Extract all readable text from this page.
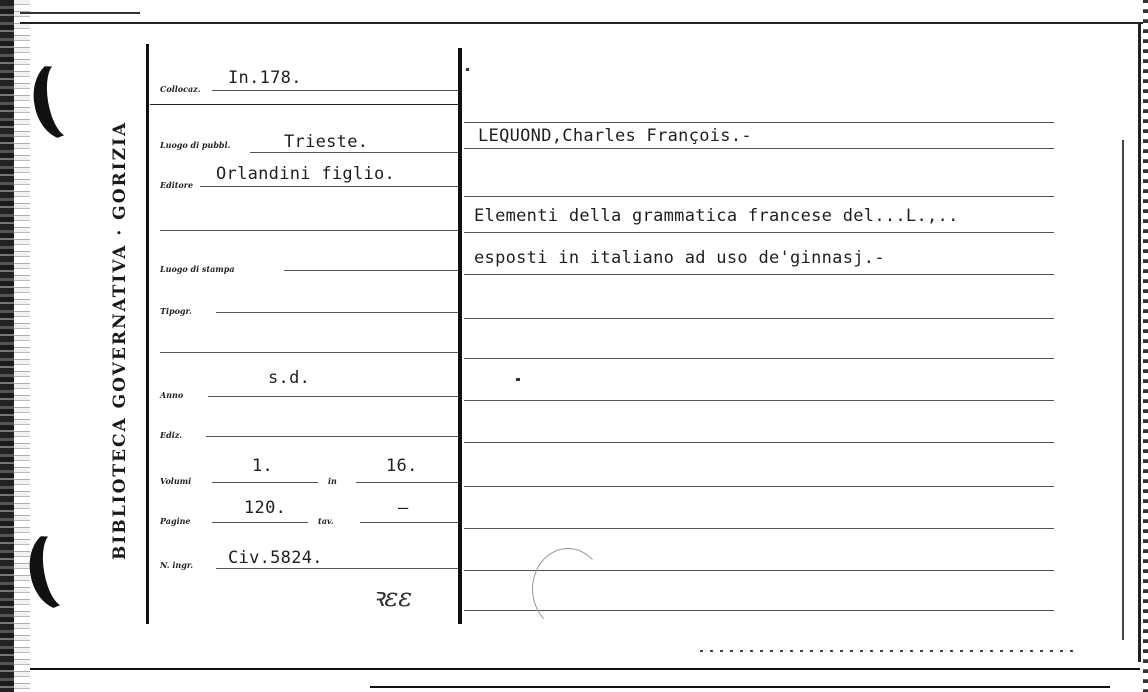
BIBLIOTECA GOVERNATIVA · GORIZIA
Collocaz.
In.178.
Luogo di pubbl.	Trieste.
Editore
Orlandini figlio.
Luogo di stampa
Tipogr.
Anno
s.d.
Ediz.
Volumi
1.
in
16.
Pagine
120.
tav.
—
N. ingr. Civ.5824.
ꝛεε
LEQUOND,Charles François.-
Elementi della grammatica francese del...L.,..
esposti in italiano ad uso de'ginnasj.-
